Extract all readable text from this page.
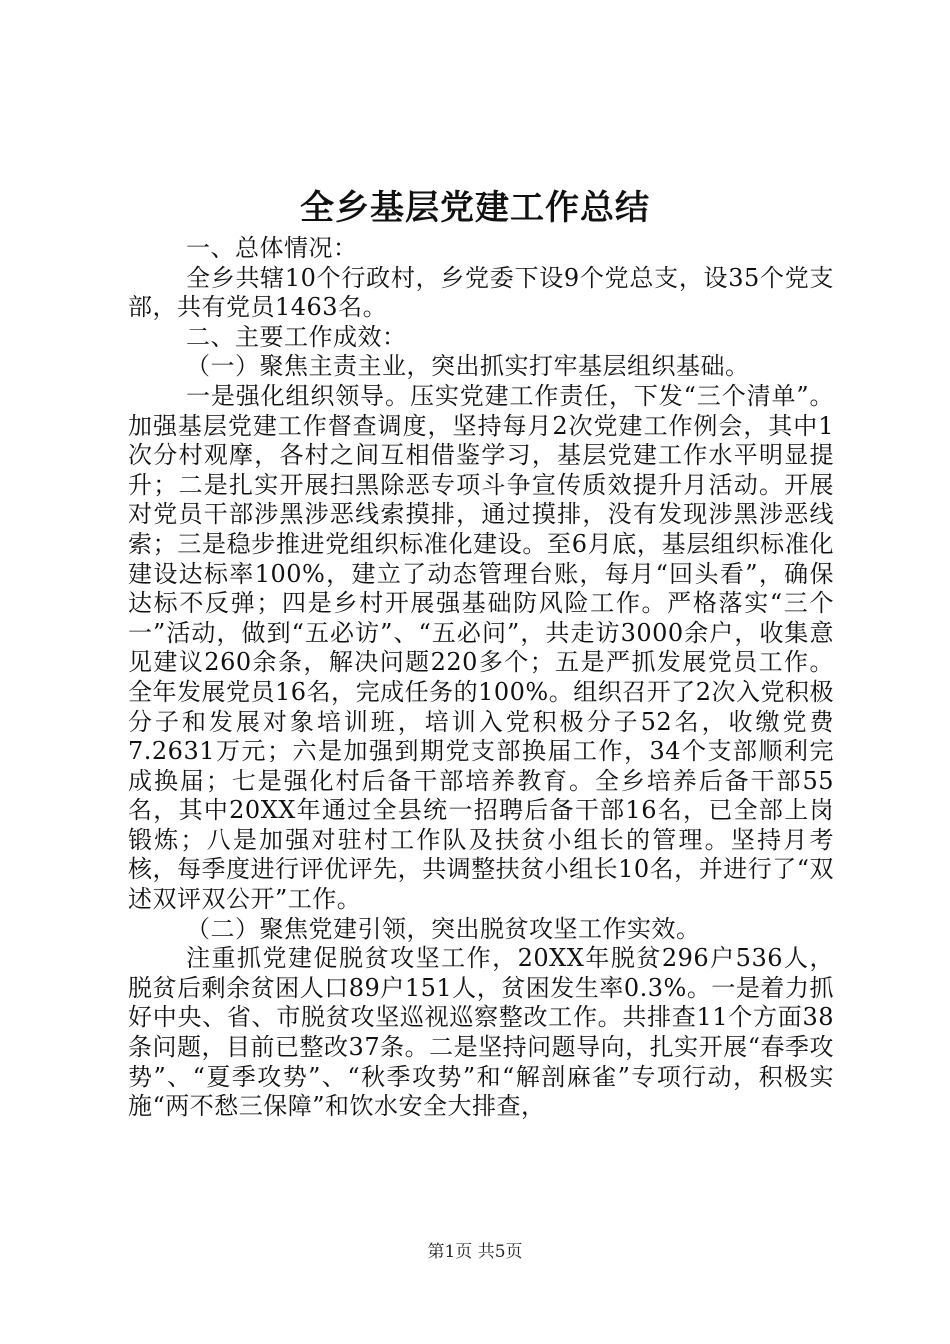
全乡基层党建工作总结

一、总体情况：

全乡共辖10个行政村，乡党委下设9个党总支，设35个党支部，共有党员1463名。

二、主要工作成效：

（一）聚焦主责主业，突出抓实打牢基层组织基础。

一是强化组织领导。压实党建工作责任，下发“三个清单”。加强基层党建工作督查调度，坚持每月2次党建工作例会，其中1次分村观摩，各村之间互相借鉴学习，基层党建工作水平明显提升；二是扎实开展扫黑除恶专项斗争宣传质效提升月活动。开展对党员干部涉黑涉恶线索摸排，通过摸排，没有发现涉黑涉恶线索；三是稳步推进党组织标准化建设。至6月底，基层组织标准化建设达标率100%，建立了动态管理台账，每月“回头看”，确保达标不反弹；四是乡村开展强基础防风险工作。严格落实“三个一”活动，做到“五必访”、“五必问”，共走访3000余户，收集意见建议260余条，解决问题220多个；五是严抓发展党员工作。全年发展党员16名，完成任务的100%。组织召开了2次入党积极分子和发展对象培训班，培训入党积极分子52名，收缴党费7.2631万元；六是加强到期党支部换届工作，34个支部顺利完成换届；七是强化村后备干部培养教育。全乡培养后备干部55名，其中20XX年通过全县统一招聘后备干部16名，已全部上岗锻炼；八是加强对驻村工作队及扶贫小组长的管理。坚持月考核，每季度进行评优评先，共调整扶贫小组长10名，并进行了“双述双评双公开”工作。

（二）聚焦党建引领，突出脱贫攻坚工作实效。

注重抓党建促脱贫攻坚工作，20XX年脱贫296户536人，脱贫后剩余贫困人口89户151人，贫困发生率0.3%。一是着力抓好中央、省、市脱贫攻坚巡视巡察整改工作。共排查11个方面38条问题，目前已整改37条。二是坚持问题导向，扎实开展“春季攻势”、“夏季攻势”、“秋季攻势”和“解剖麻雀”专项行动，积极实施“两不愁三保障”和饮水安全大排查，

第1页 共5页
